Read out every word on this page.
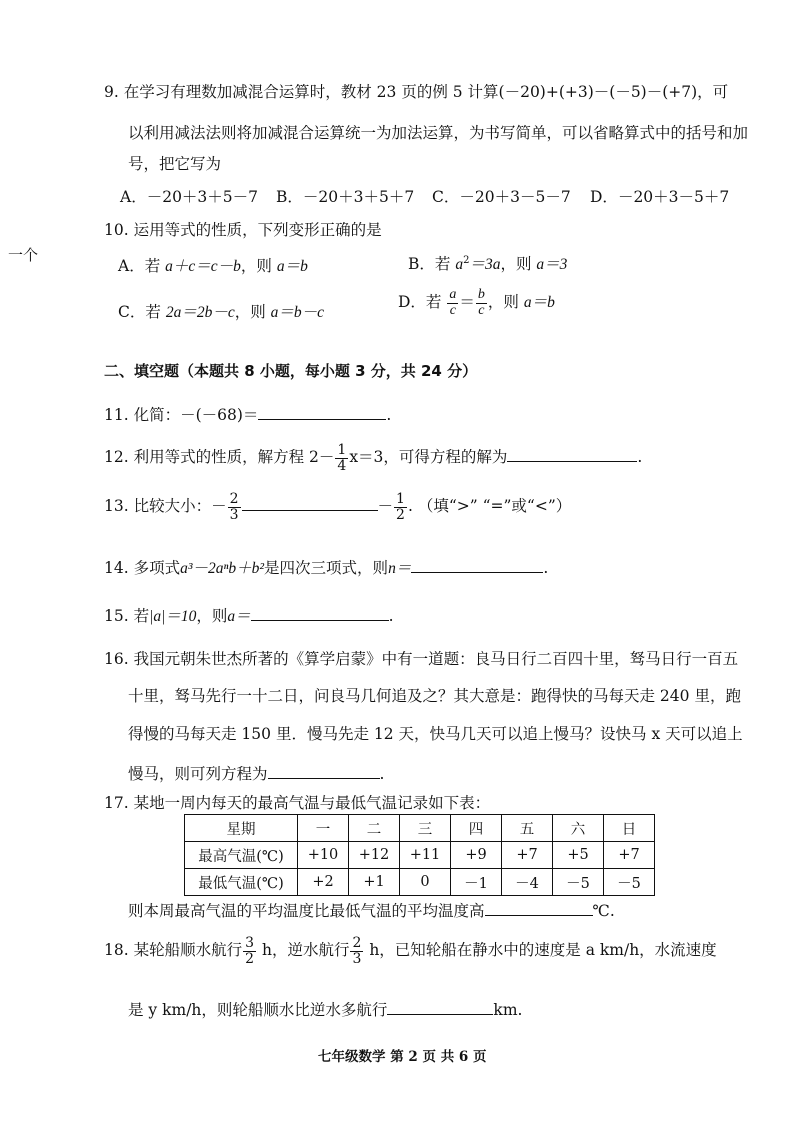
一个
9. 在学习有理数加减混合运算时，教材 23 页的例 5 计算(－20)+(+3)－(－5)－(+7)，可
以利用减法法则将加减混合运算统一为加法运算，为书写简单，可以省略算式中的括号和加
号，把它写为
A．－20＋3＋5－7 B．－20＋3＋5＋7 C．－20＋3－5－7 D．－20＋3－5＋7
10. 运用等式的性质，下列变形正确的是
A．若 a＋c＝c－b，则 a＝b	B．若 $a^2=3a$，则 a＝3
C．若 2a＝2b－c，则 a＝b－c
D．若 $\frac{a}{c} = \frac{b}{c}$ ，则 a＝b
二、填空题（本题共 8 小题，每小题 3 分，共 24 分）
11. 化简：－(－68)＝	.
12. 利用等式的性质，解方程 $2- \frac{1}{4} x=3$，可得方程的解为	.
13. 比较大小：－ $\frac{2}{3}$	－ $\frac{1}{2}$ . （填“>” “=”或“<”）
14. 多项式a³－2aⁿb＋b²是四次三项式，则n＝	.
15. 若|a|＝10，则a＝	.
16. 我国元朝朱世杰所著的《算学启蒙》中有一道题：良马日行二百四十里，驽马日行一百五
十里，驽马先行一十二日，问良马几何追及之？其大意是：跑得快的马每天走 240 里，跑
得慢的马每天走 150 里．慢马先走 12 天，快马几天可以追上慢马？设快马 x 天可以追上
慢马，则可列方程为	.
17. 某地一周内每天的最高气温与最低气温记录如下表：
星期	一	二	三	四	五	六	日
最高气温(℃)	+10	+12	+11	+9	+7	+5	+7
最低气温(℃)	+2	+1	0	－1	－4	－5	－5
则本周最高气温的平均温度比最低气温的平均温度高	℃.
18. 某轮船顺水航行 $\frac{3}{2}$ h，逆水航行 $\frac{2}{3}$ h，已知轮船在静水中的速度是 a km/h，水流速度
是 y km/h，则轮船顺水比逆水多航行	km.
七年级数学 第 2 页 共 6 页
